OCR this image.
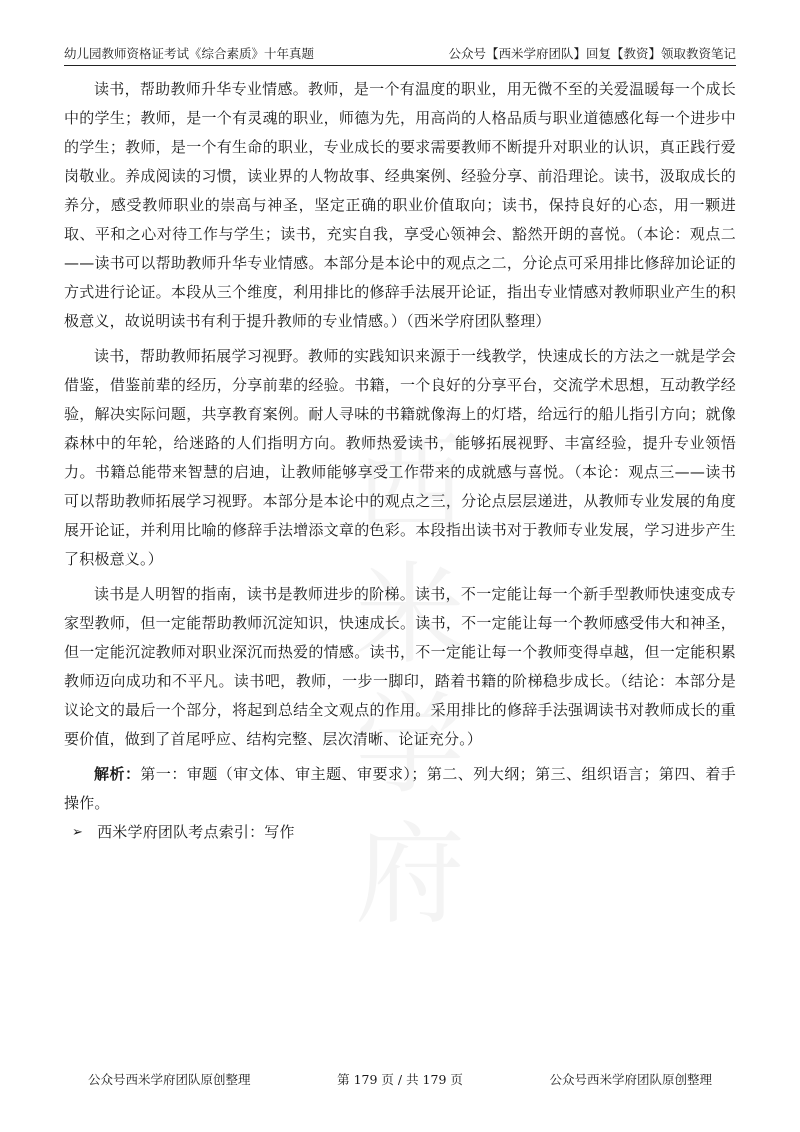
幼儿园教师资格证考试《综合素质》十年真题	公众号【西米学府团队】回复【教资】领取教资笔记

读书，帮助教师升华专业情感。教师，是一个有温度的职业，用无微不至的关爱温暖每一个成长中的学生；教师，是一个有灵魂的职业，师德为先，用高尚的人格品质与职业道德感化每一个进步中的学生；教师，是一个有生命的职业，专业成长的要求需要教师不断提升对职业的认识，真正践行爱岗敬业。养成阅读的习惯，读业界的人物故事、经典案例、经验分享、前沿理论。读书，汲取成长的养分，感受教师职业的崇高与神圣，坚定正确的职业价值取向；读书，保持良好的心态，用一颗进取、平和之心对待工作与学生；读书，充实自我，享受心领神会、豁然开朗的喜悦。（本论：观点二——读书可以帮助教师升华专业情感。本部分是本论中的观点之二，分论点可采用排比修辞加论证的方式进行论证。本段从三个维度，利用排比的修辞手法展开论证，指出专业情感对教师职业产生的积极意义，故说明读书有利于提升教师的专业情感。）（西米学府团队整理）

读书，帮助教师拓展学习视野。教师的实践知识来源于一线教学，快速成长的方法之一就是学会借鉴，借鉴前辈的经历，分享前辈的经验。书籍，一个良好的分享平台，交流学术思想，互动教学经验，解决实际问题，共享教育案例。耐人寻味的书籍就像海上的灯塔，给远行的船儿指引方向；就像森林中的年轮，给迷路的人们指明方向。教师热爱读书，能够拓展视野、丰富经验，提升专业领悟力。书籍总能带来智慧的启迪，让教师能够享受工作带来的成就感与喜悦。（本论：观点三——读书可以帮助教师拓展学习视野。本部分是本论中的观点之三，分论点层层递进，从教师专业发展的角度展开论证，并利用比喻的修辞手法增添文章的色彩。本段指出读书对于教师专业发展，学习进步产生了积极意义。）

读书是人明智的指南，读书是教师进步的阶梯。读书，不一定能让每一个新手型教师快速变成专家型教师，但一定能帮助教师沉淀知识，快速成长。读书，不一定能让每一个教师感受伟大和神圣，但一定能沉淀教师对职业深沉而热爱的情感。读书，不一定能让每一个教师变得卓越，但一定能积累教师迈向成功和不平凡。读书吧，教师，一步一脚印，踏着书籍的阶梯稳步成长。（结论：本部分是议论文的最后一个部分，将起到总结全文观点的作用。采用排比的修辞手法强调读书对教师成长的重要价值，做到了首尾呼应、结构完整、层次清晰、论证充分。）

解析：第一：审题（审文体、审主题、审要求）；第二、列大纲；第三、组织语言；第四、着手操作。

➢ 西米学府团队考点索引：写作

公众号西米学府团队原创整理	第 179 页 / 共 179 页	公众号西米学府团队原创整理
